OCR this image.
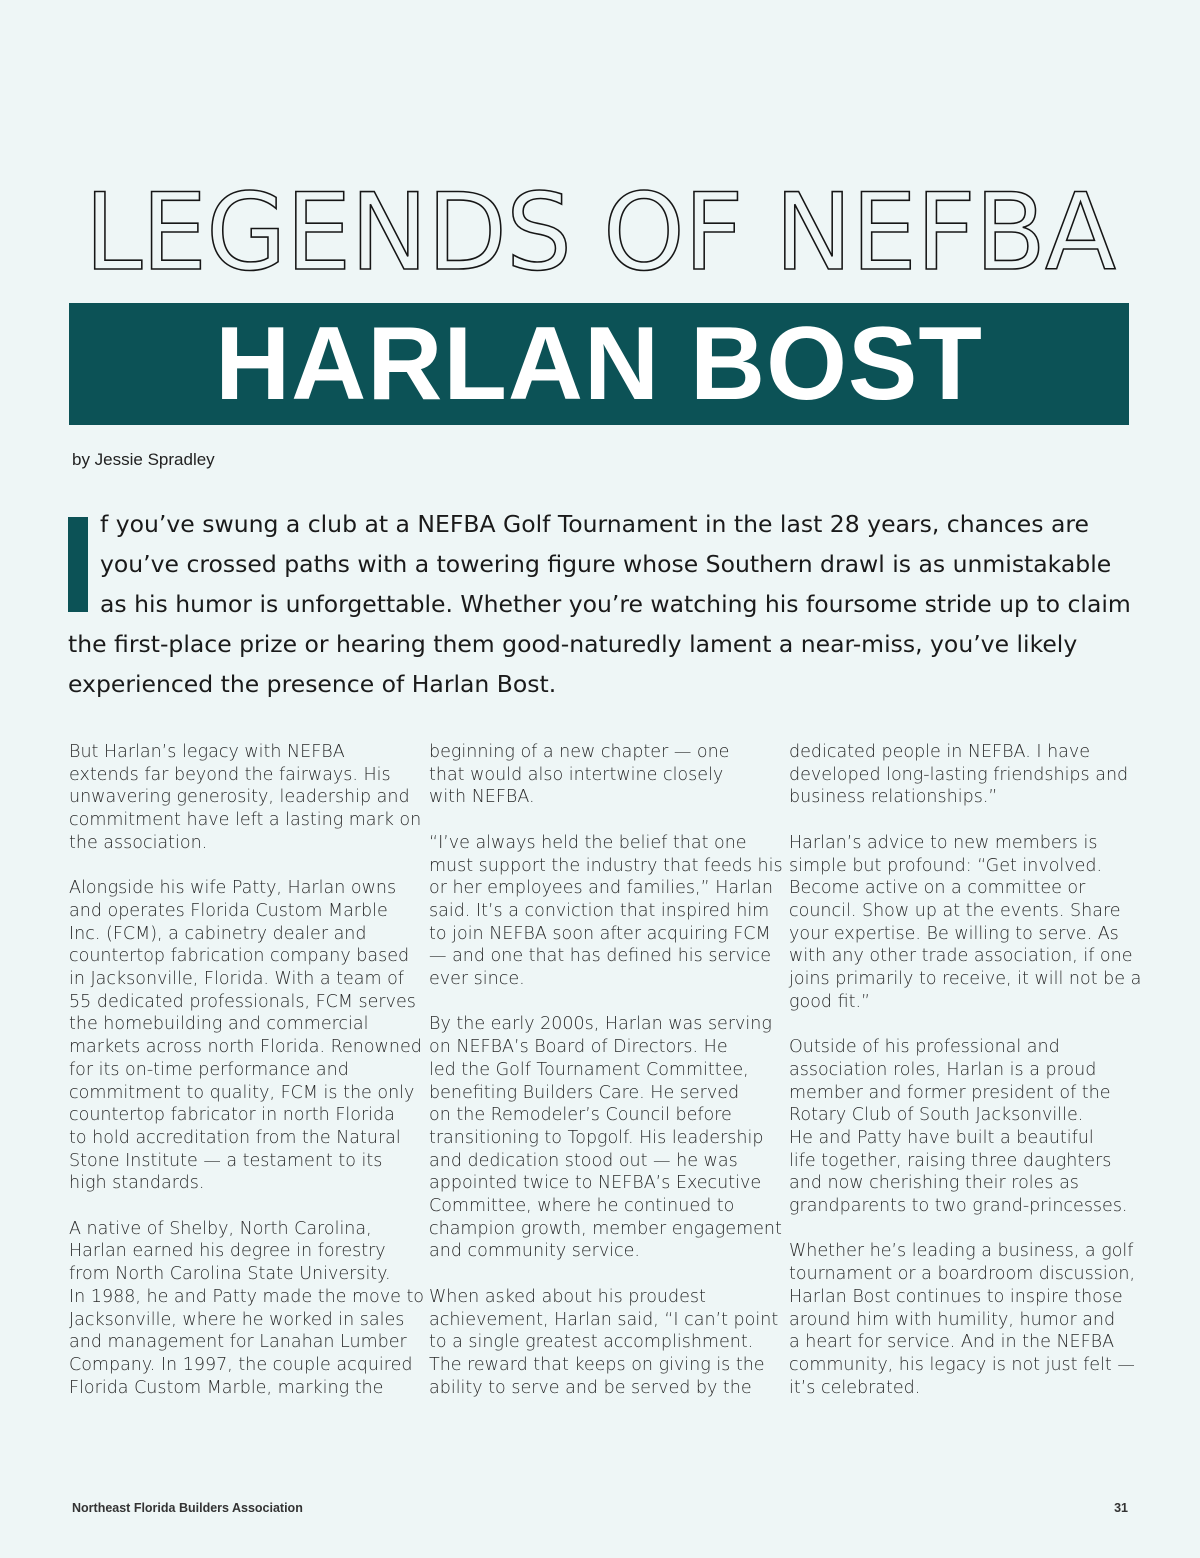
LEGENDS OF NEFBA
HARLAN BOST
by Jessie Spradley
f you’ve swung a club at a NEFBA Golf Tournament in the last 28 years, chances are
you’ve crossed paths with a towering figure whose Southern drawl is as unmistakable
as his humor is unforgettable. Whether you’re watching his foursome stride up to claim
the first-place prize or hearing them good-naturedly lament a near-miss, you’ve likely
experienced the presence of Harlan Bost.
But Harlan’s legacy with NEFBA
extends far beyond the fairways. His
unwavering generosity, leadership and
commitment have left a lasting mark on
the association.
Alongside his wife Patty, Harlan owns
and operates Florida Custom Marble
Inc. (FCM), a cabinetry dealer and
countertop fabrication company based
in Jacksonville, Florida. With a team of
55 dedicated professionals, FCM serves
the homebuilding and commercial
markets across north Florida. Renowned
for its on-time performance and
commitment to quality, FCM is the only
countertop fabricator in north Florida
to hold accreditation from the Natural
Stone Institute — a testament to its
high standards.
A native of Shelby, North Carolina,
Harlan earned his degree in forestry
from North Carolina State University.
In 1988, he and Patty made the move to
Jacksonville, where he worked in sales
and management for Lanahan Lumber
Company. In 1997, the couple acquired
Florida Custom Marble, marking the
beginning of a new chapter — one
that would also intertwine closely
with NEFBA.
“I’ve always held the belief that one
must support the industry that feeds his
or her employees and families,” Harlan
said. It’s a conviction that inspired him
to join NEFBA soon after acquiring FCM
— and one that has defined his service
ever since.
By the early 2000s, Harlan was serving
on NEFBA’s Board of Directors. He
led the Golf Tournament Committee,
benefiting Builders Care. He served
on the Remodeler’s Council before
transitioning to Topgolf. His leadership
and dedication stood out — he was
appointed twice to NEFBA’s Executive
Committee, where he continued to
champion growth, member engagement
and community service.
When asked about his proudest
achievement, Harlan said, “I can’t point
to a single greatest accomplishment.
The reward that keeps on giving is the
ability to serve and be served by the
dedicated people in NEFBA. I have
developed long-lasting friendships and
business relationships.”
Harlan’s advice to new members is
simple but profound: “Get involved.
Become active on a committee or
council. Show up at the events. Share
your expertise. Be willing to serve. As
with any other trade association, if one
joins primarily to receive, it will not be a
good fit.”
Outside of his professional and
association roles, Harlan is a proud
member and former president of the
Rotary Club of South Jacksonville.
He and Patty have built a beautiful
life together, raising three daughters
and now cherishing their roles as
grandparents to two grand-princesses.
Whether he’s leading a business, a golf
tournament or a boardroom discussion,
Harlan Bost continues to inspire those
around him with humility, humor and
a heart for service. And in the NEFBA
community, his legacy is not just felt —
it’s celebrated.
Northeast Florida Builders Association	31
